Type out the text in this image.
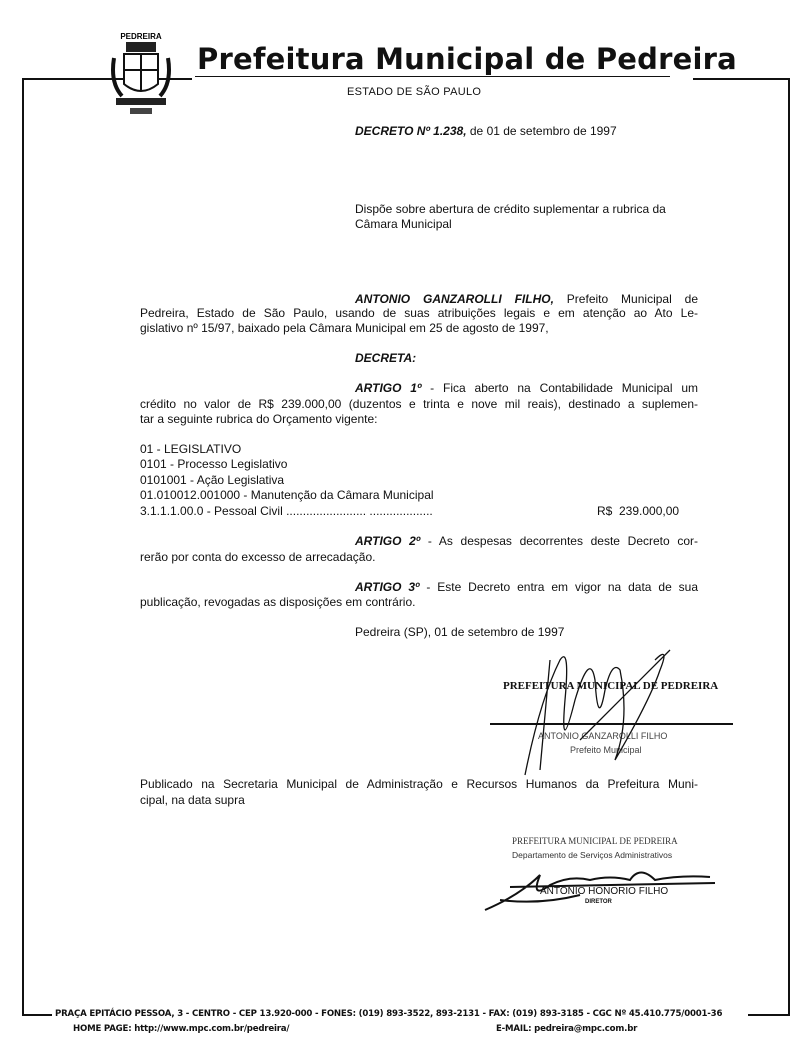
PEDREIRA
Prefeitura Municipal de Pedreira
ESTADO DE SÃO PAULO
DECRETO Nº 1.238, de 01 de setembro de 1997
Dispõe sobre abertura de crédito suplementar a rubrica da
Câmara Municipal
ANTONIO GANZAROLLI FILHO, Prefeito Municipal de
Pedreira, Estado de São Paulo, usando de suas atribuições legais e em atenção ao Ato Le-
gislativo nº 15/97, baixado pela Câmara Municipal em 25 de agosto de 1997,
DECRETA:
ARTIGO 1º - Fica aberto na Contabilidade Municipal um
crédito no valor de R$ 239.000,00 (duzentos e trinta e nove mil reais), destinado a suplemen-
tar a seguinte rubrica do Orçamento vigente:
01 - LEGISLATIVO
0101 - Processo Legislativo
0101001 - Ação Legislativa
01.010012.001000 - Manutenção da Câmara Municipal
3.1.1.1.00.0 - Pessoal Civil ........................ ...................	R$  239.000,00
ARTIGO 2º - As despesas decorrentes deste Decreto cor-
rerão por conta do excesso de arrecadação.
ARTIGO 3º - Este Decreto entra em vigor na data de sua
publicação, revogadas as disposições em contrário.
Pedreira (SP), 01 de setembro de 1997
PREFEITURA MUNICIPAL DE PEDREIRA
ANTONIO GANZAROLLI FILHO
Prefeito Municipal
Publicado na Secretaria Municipal de Administração e Recursos Humanos da Prefeitura Muni-
cipal, na data supra
PREFEITURA MUNICIPAL DE PEDREIRA
Departamento de Serviços Administrativos
ANTONIO HONORIO FILHO
DIRETOR
PRAÇA EPITÁCIO PESSOA, 3 - CENTRO - CEP 13.920-000 - FONES: (019) 893-3522, 893-2131 - FAX: (019) 893-3185 - CGC Nº 45.410.775/0001-36
HOME PAGE: http://www.mpc.com.br/pedreira/	E-MAIL: pedreira@mpc.com.br
